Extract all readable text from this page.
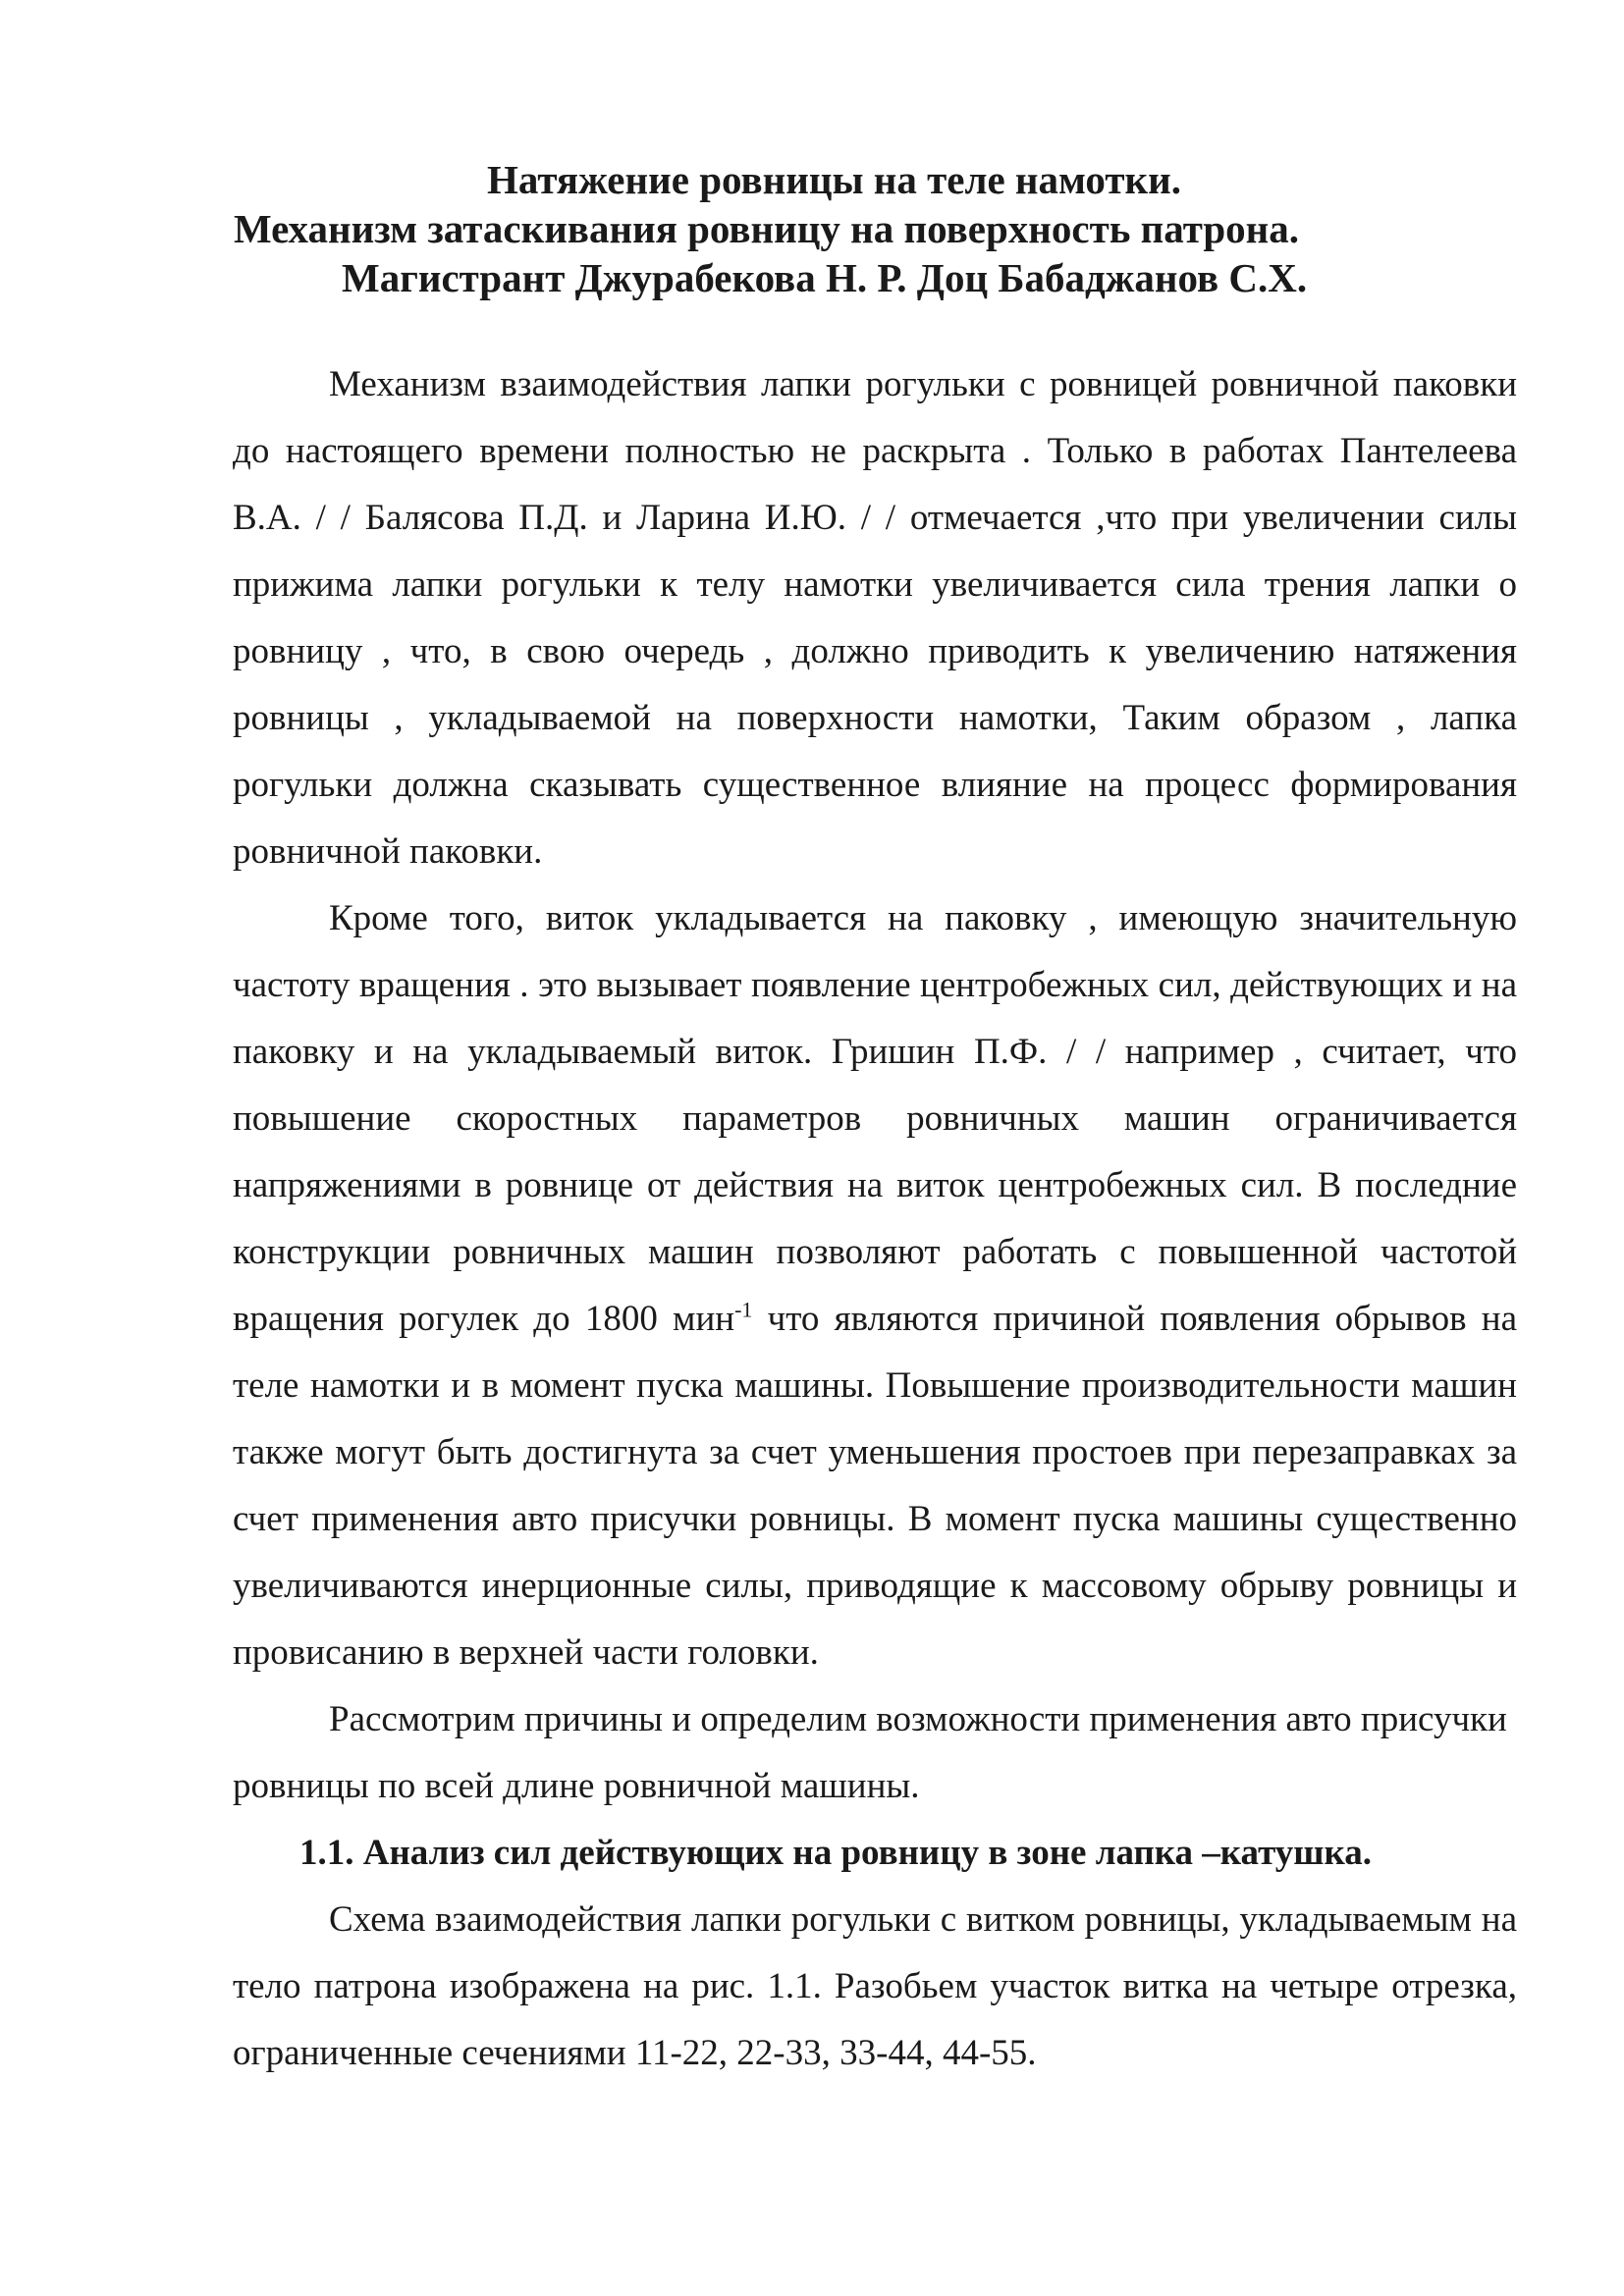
Натяжение ровницы на теле намотки.
Механизм затаскивания ровницу на поверхность патрона.
Магистрант Джурабекова Н. Р. Доц Бабаджанов С.Х.

Механизм взаимодействия лапки рогульки с ровницей ровничной паковки до настоящего времени полностью не раскрыта . Только в работах Пантелеева В.А. / / Балясова П.Д. и Ларина И.Ю. / / отмечается ,что при увеличении силы прижима лапки рогульки к телу намотки увеличивается сила трения лапки о ровницу , что, в свою очередь , должно приводить к увеличению натяжения ровницы , укладываемой на поверхности намотки, Таким образом , лапка рогульки должна сказывать существенное влияние на процесс формирования ровничной паковки.

Кроме того, виток укладывается на паковку , имеющую значительную частоту вращения . это вызывает появление центробежных сил, действующих и на паковку и на укладываемый виток. Гришин П.Ф. / / например , считает, что повышение скоростных параметров ровничных машин ограничивается напряжениями в ровнице от действия на виток центробежных сил. В последние конструкции ровничных машин позволяют работать с повышенной частотой вращения рогулек до 1800 мин$^{-1}$ что являются причиной появления обрывов на теле намотки и в момент пуска машины. Повышение производительности машин также могут быть достигнута за счет уменьшения простоев при перезаправках за счет применения авто присучки ровницы. В момент пуска машины существенно увеличиваются инерционные силы, приводящие к массовому обрыву ровницы и провисанию в верхней части головки.

Рассмотрим причины и определим возможности применения авто присучки ровницы по всей длине ровничной машины.

1.1. Анализ сил действующих на ровницу в зоне лапка –катушка.

Схема взаимодействия лапки рогульки с витком ровницы, укладываемым на тело патрона изображена на рис. 1.1. Разобьем участок витка на четыре отрезка, ограниченные сечениями 11-22, 22-33, 33-44, 44-55.
